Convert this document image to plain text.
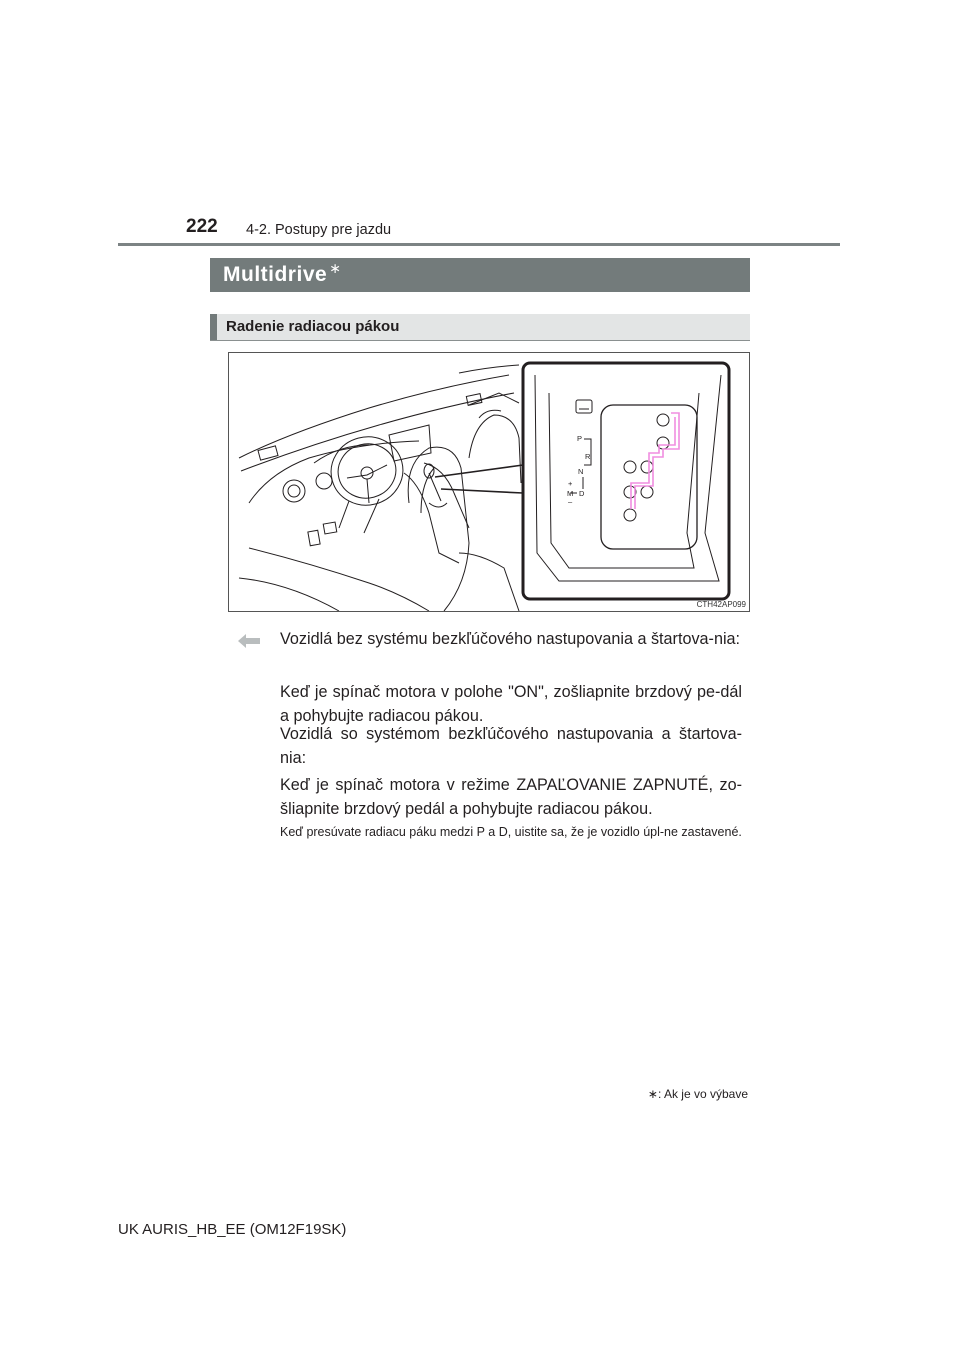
222 4-2. Postupy pre jazdu
Multidrive ∗
Radenie radiacou pákou
P
R
N
D
M
+
–
CTH42AP099
Vozidlá bez systému bezkľúčového nastupovania a štartova-nia:
Keď je spínač motora v polohe "ON", zošliapnite brzdový pe-dál a pohybujte radiacou pákou.
Vozidlá so systémom bezkľúčového nastupovania a štartova-nia:
Keď je spínač motora v režime ZAPAĽOVANIE ZAPNUTÉ, zo-šliapnite brzdový pedál a pohybujte radiacou pákou.
Keď presúvate radiacu páku medzi P a D, uistite sa, že je vozidlo úpl-ne zastavené.
∗: Ak je vo výbave
UK AURIS_HB_EE (OM12F19SK)
